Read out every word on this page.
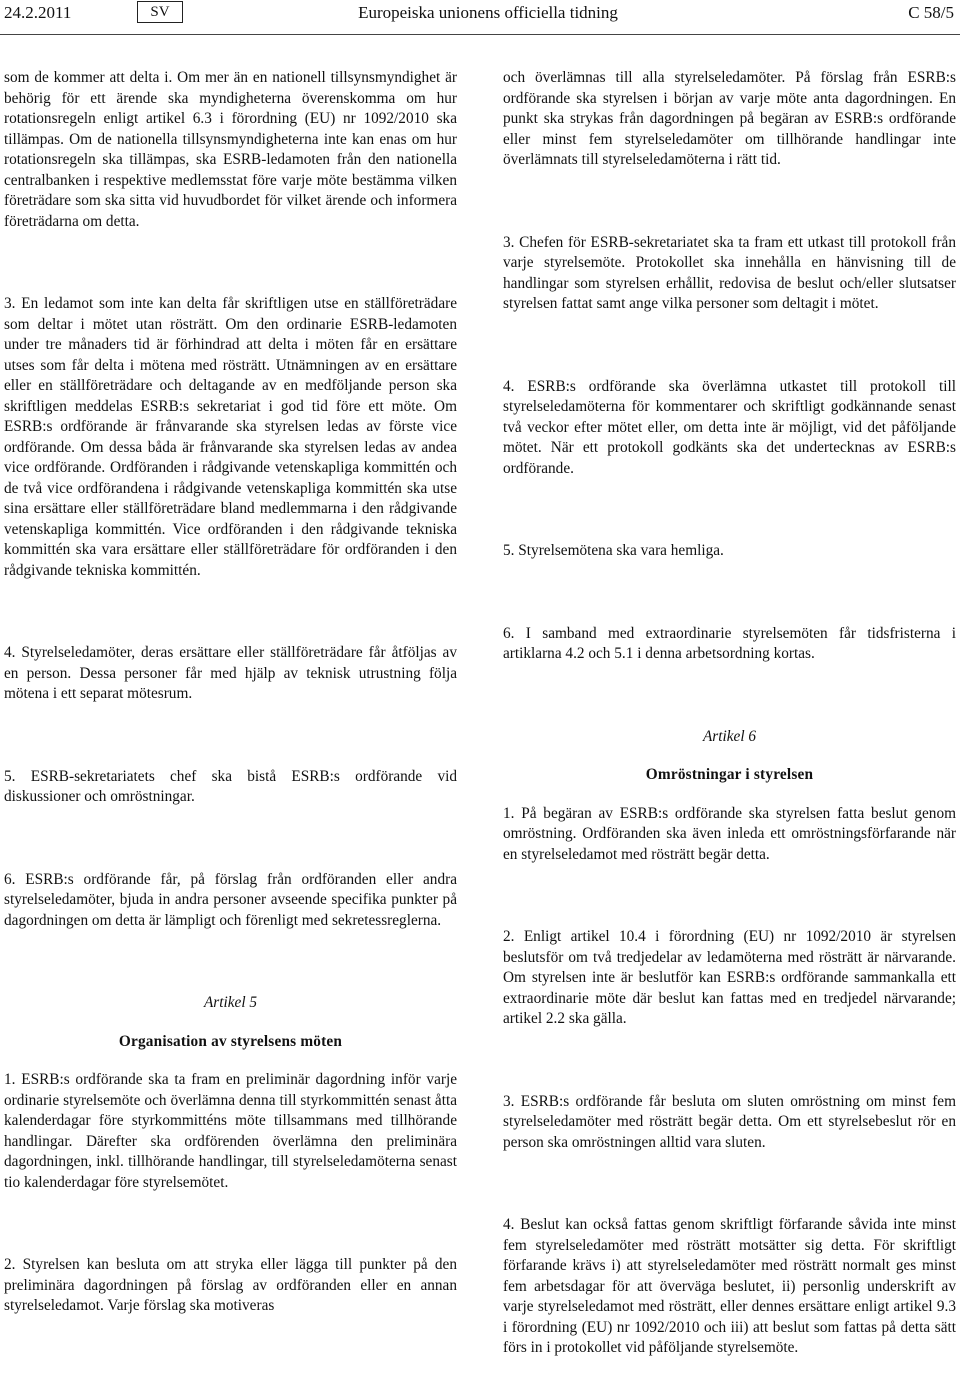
24.2.2011	SV	Europeiska unionens officiella tidning	C 58/5

som de kommer att delta i. Om mer än en nationell tillsynsmyndighet är behörig för ett ärende ska myndigheterna överenskomma om hur rotationsregeln enligt artikel 6.3 i förordning (EU) nr 1092/2010 ska tillämpas. Om de nationella tillsynsmyndigheterna inte kan enas om hur rotationsregeln ska tillämpas, ska ESRB-ledamoten från den nationella centralbanken i respektive medlemsstat före varje möte bestämma vilken företrädare som ska sitta vid huvudbordet för vilket ärende och informera företrädarna om detta.

3. En ledamot som inte kan delta får skriftligen utse en ställföreträdare som deltar i mötet utan rösträtt. Om den ordinarie ESRB-ledamoten under tre månaders tid är förhindrad att delta i möten får en ersättare utses som får delta i mötena med rösträtt. Utnämningen av en ersättare eller en ställföreträdare och deltagande av en medföljande person ska skriftligen meddelas ESRB:s sekretariat i god tid före ett möte. Om ESRB:s ordförande är frånvarande ska styrelsen ledas av förste vice ordförande. Om dessa båda är frånvarande ska styrelsen ledas av andea vice ordförande. Ordföranden i rådgivande vetenskapliga kommittén och de två vice ordförandena i rådgivande vetenskapliga kommittén ska utse sina ersättare eller ställföreträdare bland medlemmarna i den rådgivande vetenskapliga kommittén. Vice ordföranden i den rådgivande tekniska kommittén ska vara ersättare eller ställföreträdare för ordföranden i den rådgivande tekniska kommittén.

4. Styrelseledamöter, deras ersättare eller ställföreträdare får åtföljas av en person. Dessa personer får med hjälp av teknisk utrustning följa mötena i ett separat mötesrum.

5. ESRB-sekretariatets chef ska bistå ESRB:s ordförande vid diskussioner och omröstningar.

6. ESRB:s ordförande får, på förslag från ordföranden eller andra styrelseledamöter, bjuda in andra personer avseende specifika punkter på dagordningen om detta är lämpligt och förenligt med sekretessreglerna.

Artikel 5

Organisation av styrelsens möten

1. ESRB:s ordförande ska ta fram en preliminär dagordning inför varje ordinarie styrelsemöte och överlämna denna till styrkommittén senast åtta kalenderdagar före styrkommitténs möte tillsammans med tillhörande handlingar. Därefter ska ordförenden överlämna den preliminära dagordningen, inkl. tillhörande handlingar, till styrelseledamöterna senast tio kalenderdagar före styrelsemötet.

2. Styrelsen kan besluta om att stryka eller lägga till punkter på den preliminära dagordningen på förslag av ordföranden eller en annan styrelseledamot. Varje förslag ska motiveras

och överlämnas till alla styrelseledamöter. På förslag från ESRB:s ordförande ska styrelsen i början av varje möte anta dagordningen. En punkt ska strykas från dagordningen på begäran av ESRB:s ordförande eller minst fem styrelseledamöter om tillhörande handlingar inte överlämnats till styrelseledamöterna i rätt tid.

3. Chefen för ESRB-sekretariatet ska ta fram ett utkast till protokoll från varje styrelsemöte. Protokollet ska innehålla en hänvisning till de handlingar som styrelsen erhållit, redovisa de beslut och/eller slutsatser styrelsen fattat samt ange vilka personer som deltagit i mötet.

4. ESRB:s ordförande ska överlämna utkastet till protokoll till styrelseledamöterna för kommentarer och skriftligt godkännande senast två veckor efter mötet eller, om detta inte är möjligt, vid det påföljande mötet. När ett protokoll godkänts ska det undertecknas av ESRB:s ordförande.

5. Styrelsemötena ska vara hemliga.

6. I samband med extraordinarie styrelsemöten får tidsfristerna i artiklarna 4.2 och 5.1 i denna arbetsordning kortas.

Artikel 6

Omröstningar i styrelsen

1. På begäran av ESRB:s ordförande ska styrelsen fatta beslut genom omröstning. Ordföranden ska även inleda ett omröstningsförfarande när en styrelseledamot med rösträtt begär detta.

2. Enligt artikel 10.4 i förordning (EU) nr 1092/2010 är styrelsen beslutsför om två tredjedelar av ledamöterna med rösträtt är närvarande. Om styrelsen inte är beslutför kan ESRB:s ordförande sammankalla ett extraordinarie möte där beslut kan fattas med en tredjedel närvarande; artikel 2.2 ska gälla.

3. ESRB:s ordförande får besluta om sluten omröstning om minst fem styrelseledamöter med rösträtt begär detta. Om ett styrelsebeslut rör en person ska omröstningen alltid vara sluten.

4. Beslut kan också fattas genom skriftligt förfarande såvida inte minst fem styrelseledamöter med rösträtt motsätter sig detta. För skriftligt förfarande krävs i) att styrelseledamöter med rösträtt normalt ges minst fem arbetsdagar för att överväga beslutet, ii) personlig underskrift av varje styrelseledamot med rösträtt, eller dennes ersättare enligt artikel 9.3 i förordning (EU) nr 1092/2010 och iii) att beslut som fattas på detta sätt förs in i protokollet vid påföljande styrelsemöte.
